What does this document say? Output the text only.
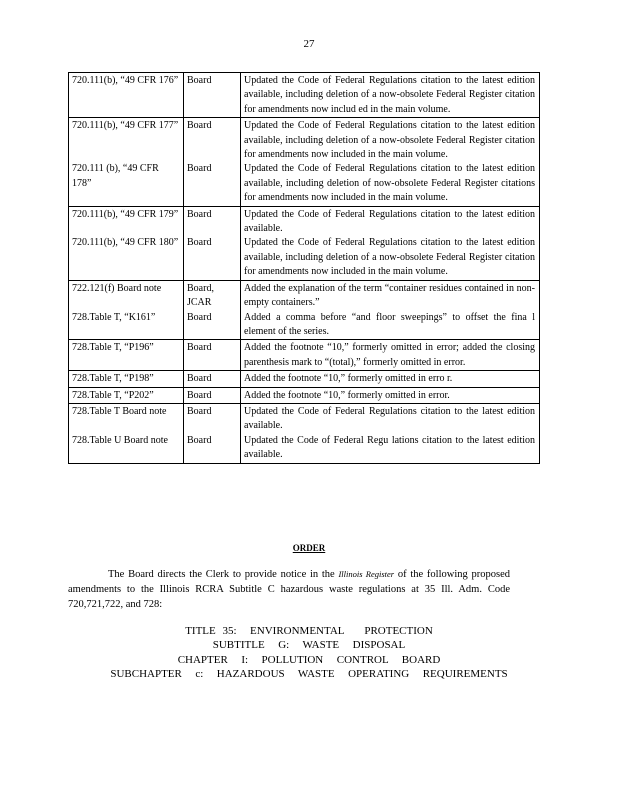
27
720.111(b), “49 CFR 176”	Board	Updated the Code of Federal Regulations citation to the latest edition available, including deletion of a now-obsolete Federal Register citation for amendments now includ ed in the main volume.
720.111(b), “49 CFR 177”	Board	Updated the Code of Federal Regulations citation to the latest edition available, including deletion of a now-obsolete Federal Register citation for amendments now included in the main volume.
720.111 (b), “49 CFR 178”	Board	Updated the Code of Federal Regulations citation to the latest edition available, including deletion of now-obsolete Federal Register citations for amendments now included in the main volume.
720.111(b), “49 CFR 179”	Board	Updated the Code of Federal Regulations citation to the latest edition available.
720.111(b), “49 CFR 180”	Board	Updated the Code of Federal Regulations citation to the latest edition available, including deletion of a now-obsolete Federal Register citation for amendments now included in the main volume.
722.121(f) Board note	Board, JCAR	Added the explanation of the term “container residues contained in non-empty containers.”
728.Table T, “K161”	Board	Added a comma before “and floor sweepings” to offset the fina l element of the series.
728.Table T, “P196”	Board	Added the footnote “10,” formerly omitted in error; added the closing parenthesis mark to “(total),” formerly omitted in error.
728.Table T, “P198”	Board	Added the footnote “10,” formerly omitted in erro r.
728.Table T, “P202”	Board	Added the footnote “10,” formerly omitted in error.
728.Table T Board note	Board	Updated the Code of Federal Regulations citation to the latest edition available.
728.Table U Board note	Board	Updated the Code of Federal Regu lations citation to the latest edition available.
ORDER
The Board directs the Clerk to provide notice in the Illinois Register of the following proposed amendments to the Illinois RCRA Subtitle C hazardous waste regulations at 35 Ill. Adm. Code 720,721,722, and 728:
TITLE 35:  ENVIRONMENTAL   PROTECTION
SUBTITLE  G:  WASTE  DISPOSAL
CHAPTER  I:  POLLUTION  CONTROL  BOARD
SUBCHAPTER  c:  HAZARDOUS  WASTE  OPERATING  REQUIREMENTS
